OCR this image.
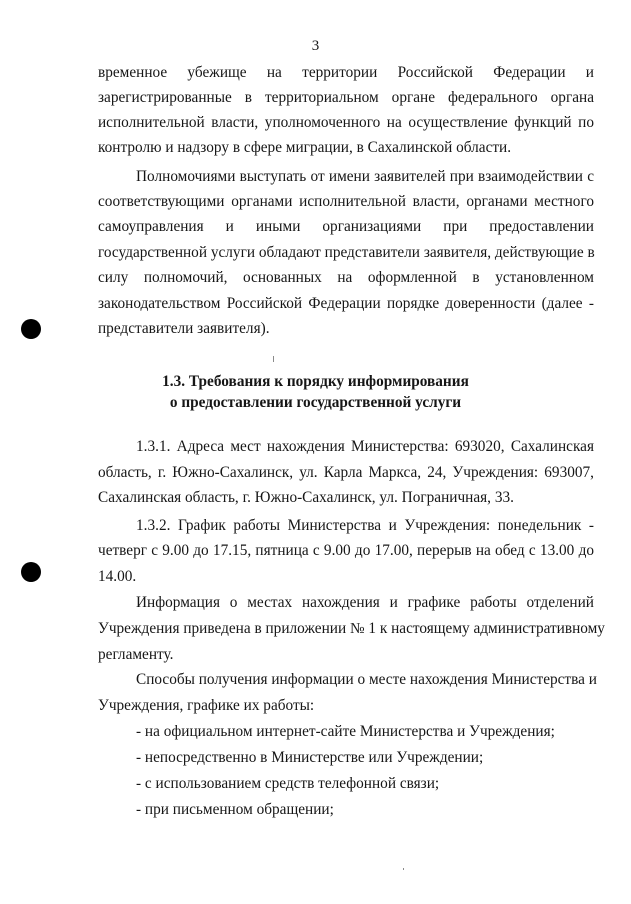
3
временное убежище на территории Российской Федерации и
зарегистрированные в территориальном органе федерального органа
исполнительной власти, уполномоченного на осуществление функций по
контролю и надзору в сфере миграции, в Сахалинской области.
Полномочиями выступать от имени заявителей при взаимодействии с
соответствующими органами исполнительной власти, органами местного
самоуправления и иными организациями при предоставлении
государственной услуги обладают представители заявителя, действующие в
силу полномочий, основанных на оформленной в установленном
законодательством Российской Федерации порядке доверенности (далее -
представители заявителя).
1.3. Требования к порядку информирования
о предоставлении государственной услуги
1.3.1. Адреса мест нахождения Министерства: 693020, Сахалинская
область, г. Южно-Сахалинск, ул. Карла Маркса, 24, Учреждения: 693007,
Сахалинская область, г. Южно-Сахалинск, ул. Пограничная, 33.
1.3.2. График работы Министерства и Учреждения: понедельник -
четверг с 9.00 до 17.15, пятница с 9.00 до 17.00, перерыв на обед с 13.00 до
14.00.
Информация о местах нахождения и графике работы отделений
Учреждения приведена в приложении № 1 к настоящему административному
регламенту.
Способы получения информации о месте нахождения Министерства и
Учреждения, графике их работы:
- на официальном интернет-сайте Министерства и Учреждения;
- непосредственно в Министерстве или Учреждении;
- с использованием средств телефонной связи;
- при письменном обращении;
